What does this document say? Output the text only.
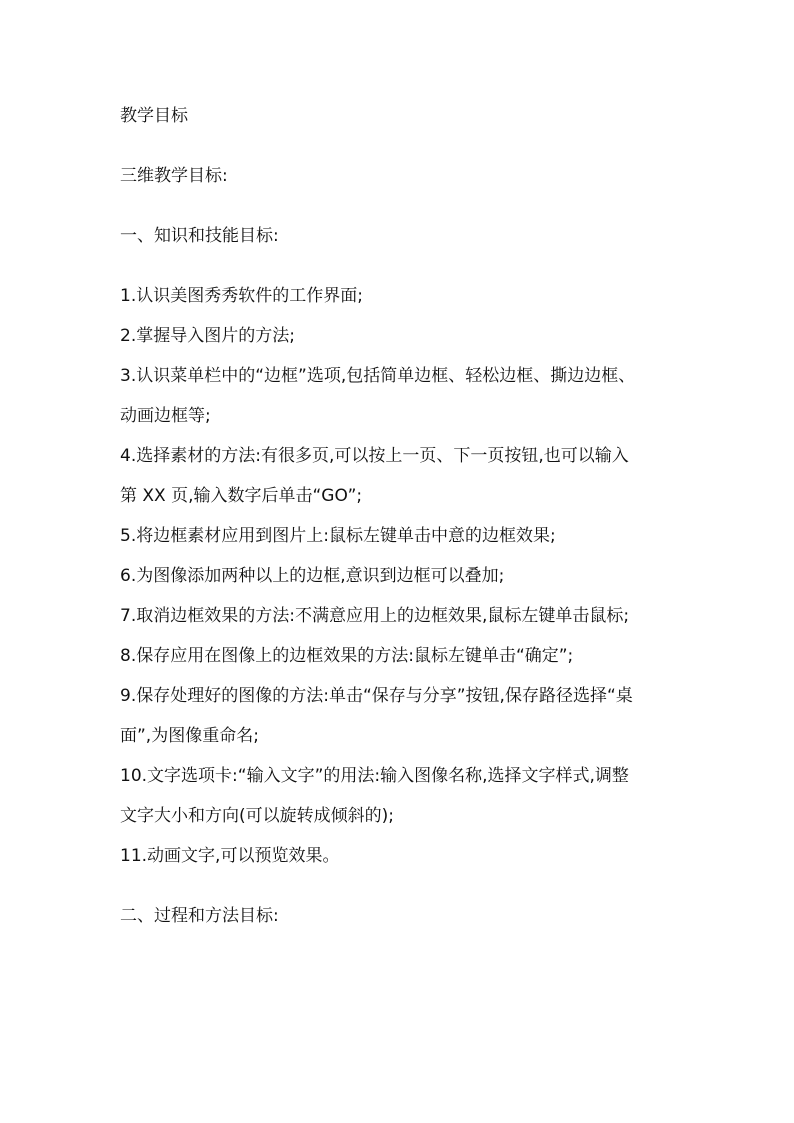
教学目标
三维教学目标:
一、知识和技能目标:
1.认识美图秀秀软件的工作界面;
2.掌握导入图片的方法;
3.认识菜单栏中的“边框”选项,包括简单边框、轻松边框、撕边边框、
动画边框等;
4.选择素材的方法:有很多页,可以按上一页、下一页按钮,也可以输入
第 XX 页,输入数字后单击“GO”;
5.将边框素材应用到图片上:鼠标左键单击中意的边框效果;
6.为图像添加两种以上的边框,意识到边框可以叠加;
7.取消边框效果的方法:不满意应用上的边框效果,鼠标左键单击鼠标;
8.保存应用在图像上的边框效果的方法:鼠标左键单击“确定”;
9.保存处理好的图像的方法:单击“保存与分享”按钮,保存路径选择“桌
面”,为图像重命名;
10.文字选项卡:“输入文字”的用法:输入图像名称,选择文字样式,调整
文字大小和方向(可以旋转成倾斜的);
11.动画文字,可以预览效果。
二、过程和方法目标:
